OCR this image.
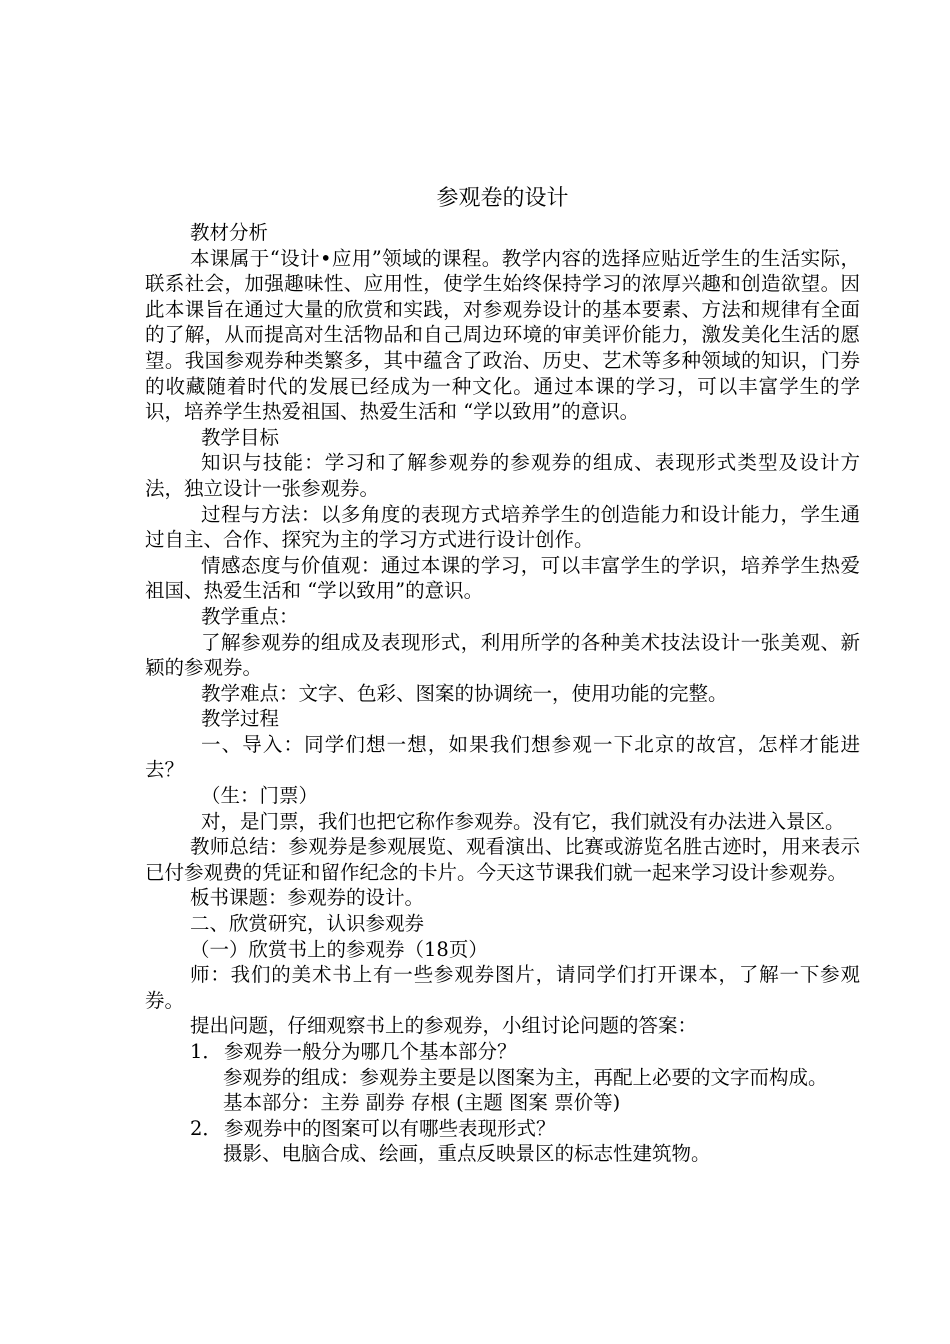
参观卷的设计

教材分析

本课属于“设计•应用”领域的课程。教学内容的选择应贴近学生的生活实际，联系社会，加强趣味性、应用性，使学生始终保持学习的浓厚兴趣和创造欲望。因此本课旨在通过大量的欣赏和实践，对参观券设计的基本要素、方法和规律有全面的了解，从而提高对生活物品和自己周边环境的审美评价能力，激发美化生活的愿望。我国参观券种类繁多，其中蕴含了政治、历史、艺术等多种领域的知识，门券的收藏随着时代的发展已经成为一种文化。通过本课的学习，可以丰富学生的学识，培养学生热爱祖国、热爱生活和 “学以致用”的意识。

教学目标

知识与技能：学习和了解参观券的参观券的组成、表现形式类型及设计方法，独立设计一张参观券。

过程与方法：以多角度的表现方式培养学生的创造能力和设计能力，学生通过自主、合作、探究为主的学习方式进行设计创作。

情感态度与价值观：通过本课的学习，可以丰富学生的学识，培养学生热爱祖国、热爱生活和 “学以致用”的意识。

教学重点：

了解参观券的组成及表现形式，利用所学的各种美术技法设计一张美观、新颖的参观券。

教学难点：文字、色彩、图案的协调统一，使用功能的完整。

教学过程

一、导入：同学们想一想，如果我们想参观一下北京的故宫，怎样才能进去？

（生：门票）

对，是门票，我们也把它称作参观券。没有它，我们就没有办法进入景区。

教师总结：参观券是参观展览、观看演出、比赛或游览名胜古迹时，用来表示已付参观费的凭证和留作纪念的卡片。今天这节课我们就一起来学习设计参观券。

板书课题：参观券的设计。

二、欣赏研究，认识参观券

（一）欣赏书上的参观券（18页）

师：我们的美术书上有一些参观券图片，请同学们打开课本，了解一下参观券。

提出问题，仔细观察书上的参观券，小组讨论问题的答案：

1． 参观券一般分为哪几个基本部分？

参观券的组成：参观券主要是以图案为主，再配上必要的文字而构成。

基本部分：主券 副券 存根 (主题 图案 票价等)

2． 参观券中的图案可以有哪些表现形式？

摄影、电脑合成、绘画，重点反映景区的标志性建筑物。
